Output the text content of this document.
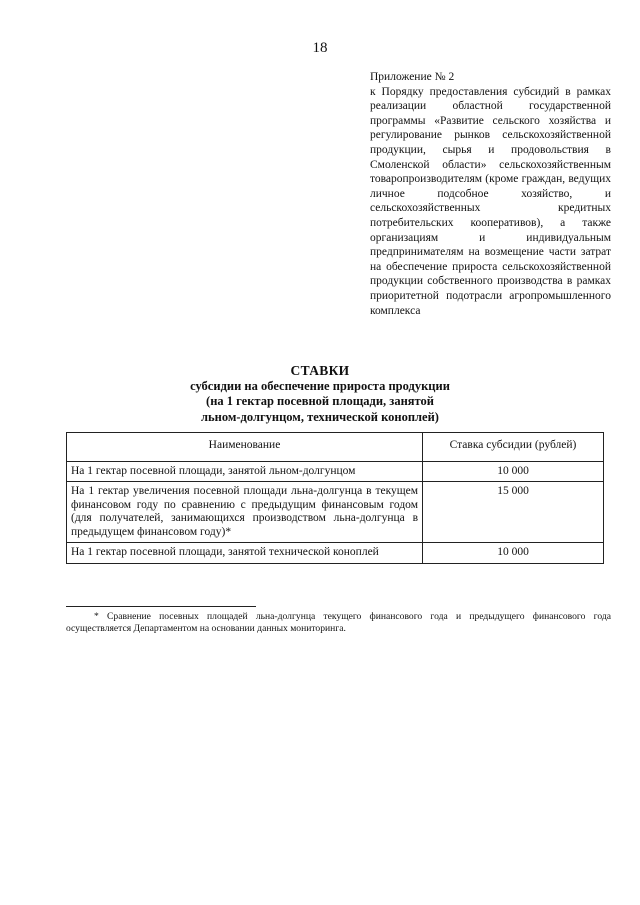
18
Приложение № 2
к Порядку предоставления субсидий в рамках реализации областной государственной программы «Развитие сельского хозяйства и регулирование рынков сельскохозяйственной продукции, сырья и продовольствия в Смоленской области» сельскохозяйственным товаропроизводителям (кроме граждан, ведущих личное подсобное хозяйство, и сельскохозяйственных кредитных потребительских кооперативов), а также организациям и индивидуальным предпринимателям на возмещение части затрат на обеспечение прироста сельскохозяйственной продукции собственного производства в рамках приоритетной подотрасли агропромышленного комплекса
СТАВКИ
субсидии на обеспечение прироста продукции
(на 1 гектар посевной площади, занятой
льном-долгунцом, технической коноплей)
Наименование	Ставка субсидии (рублей)
На 1 гектар посевной площади, занятой льном-долгунцом	10 000
На 1 гектар увеличения посевной площади льна-долгунца в текущем финансовом году по сравнению с предыдущим финансовым годом (для получателей, занимающихся производством льна-долгунца в предыдущем финансовом году)*	15 000
На 1 гектар посевной площади, занятой технической коноплей	10 000
* Сравнение посевных площадей льна-долгунца текущего финансового года и предыдущего финансового года осуществляется Департаментом на основании данных мониторинга.
